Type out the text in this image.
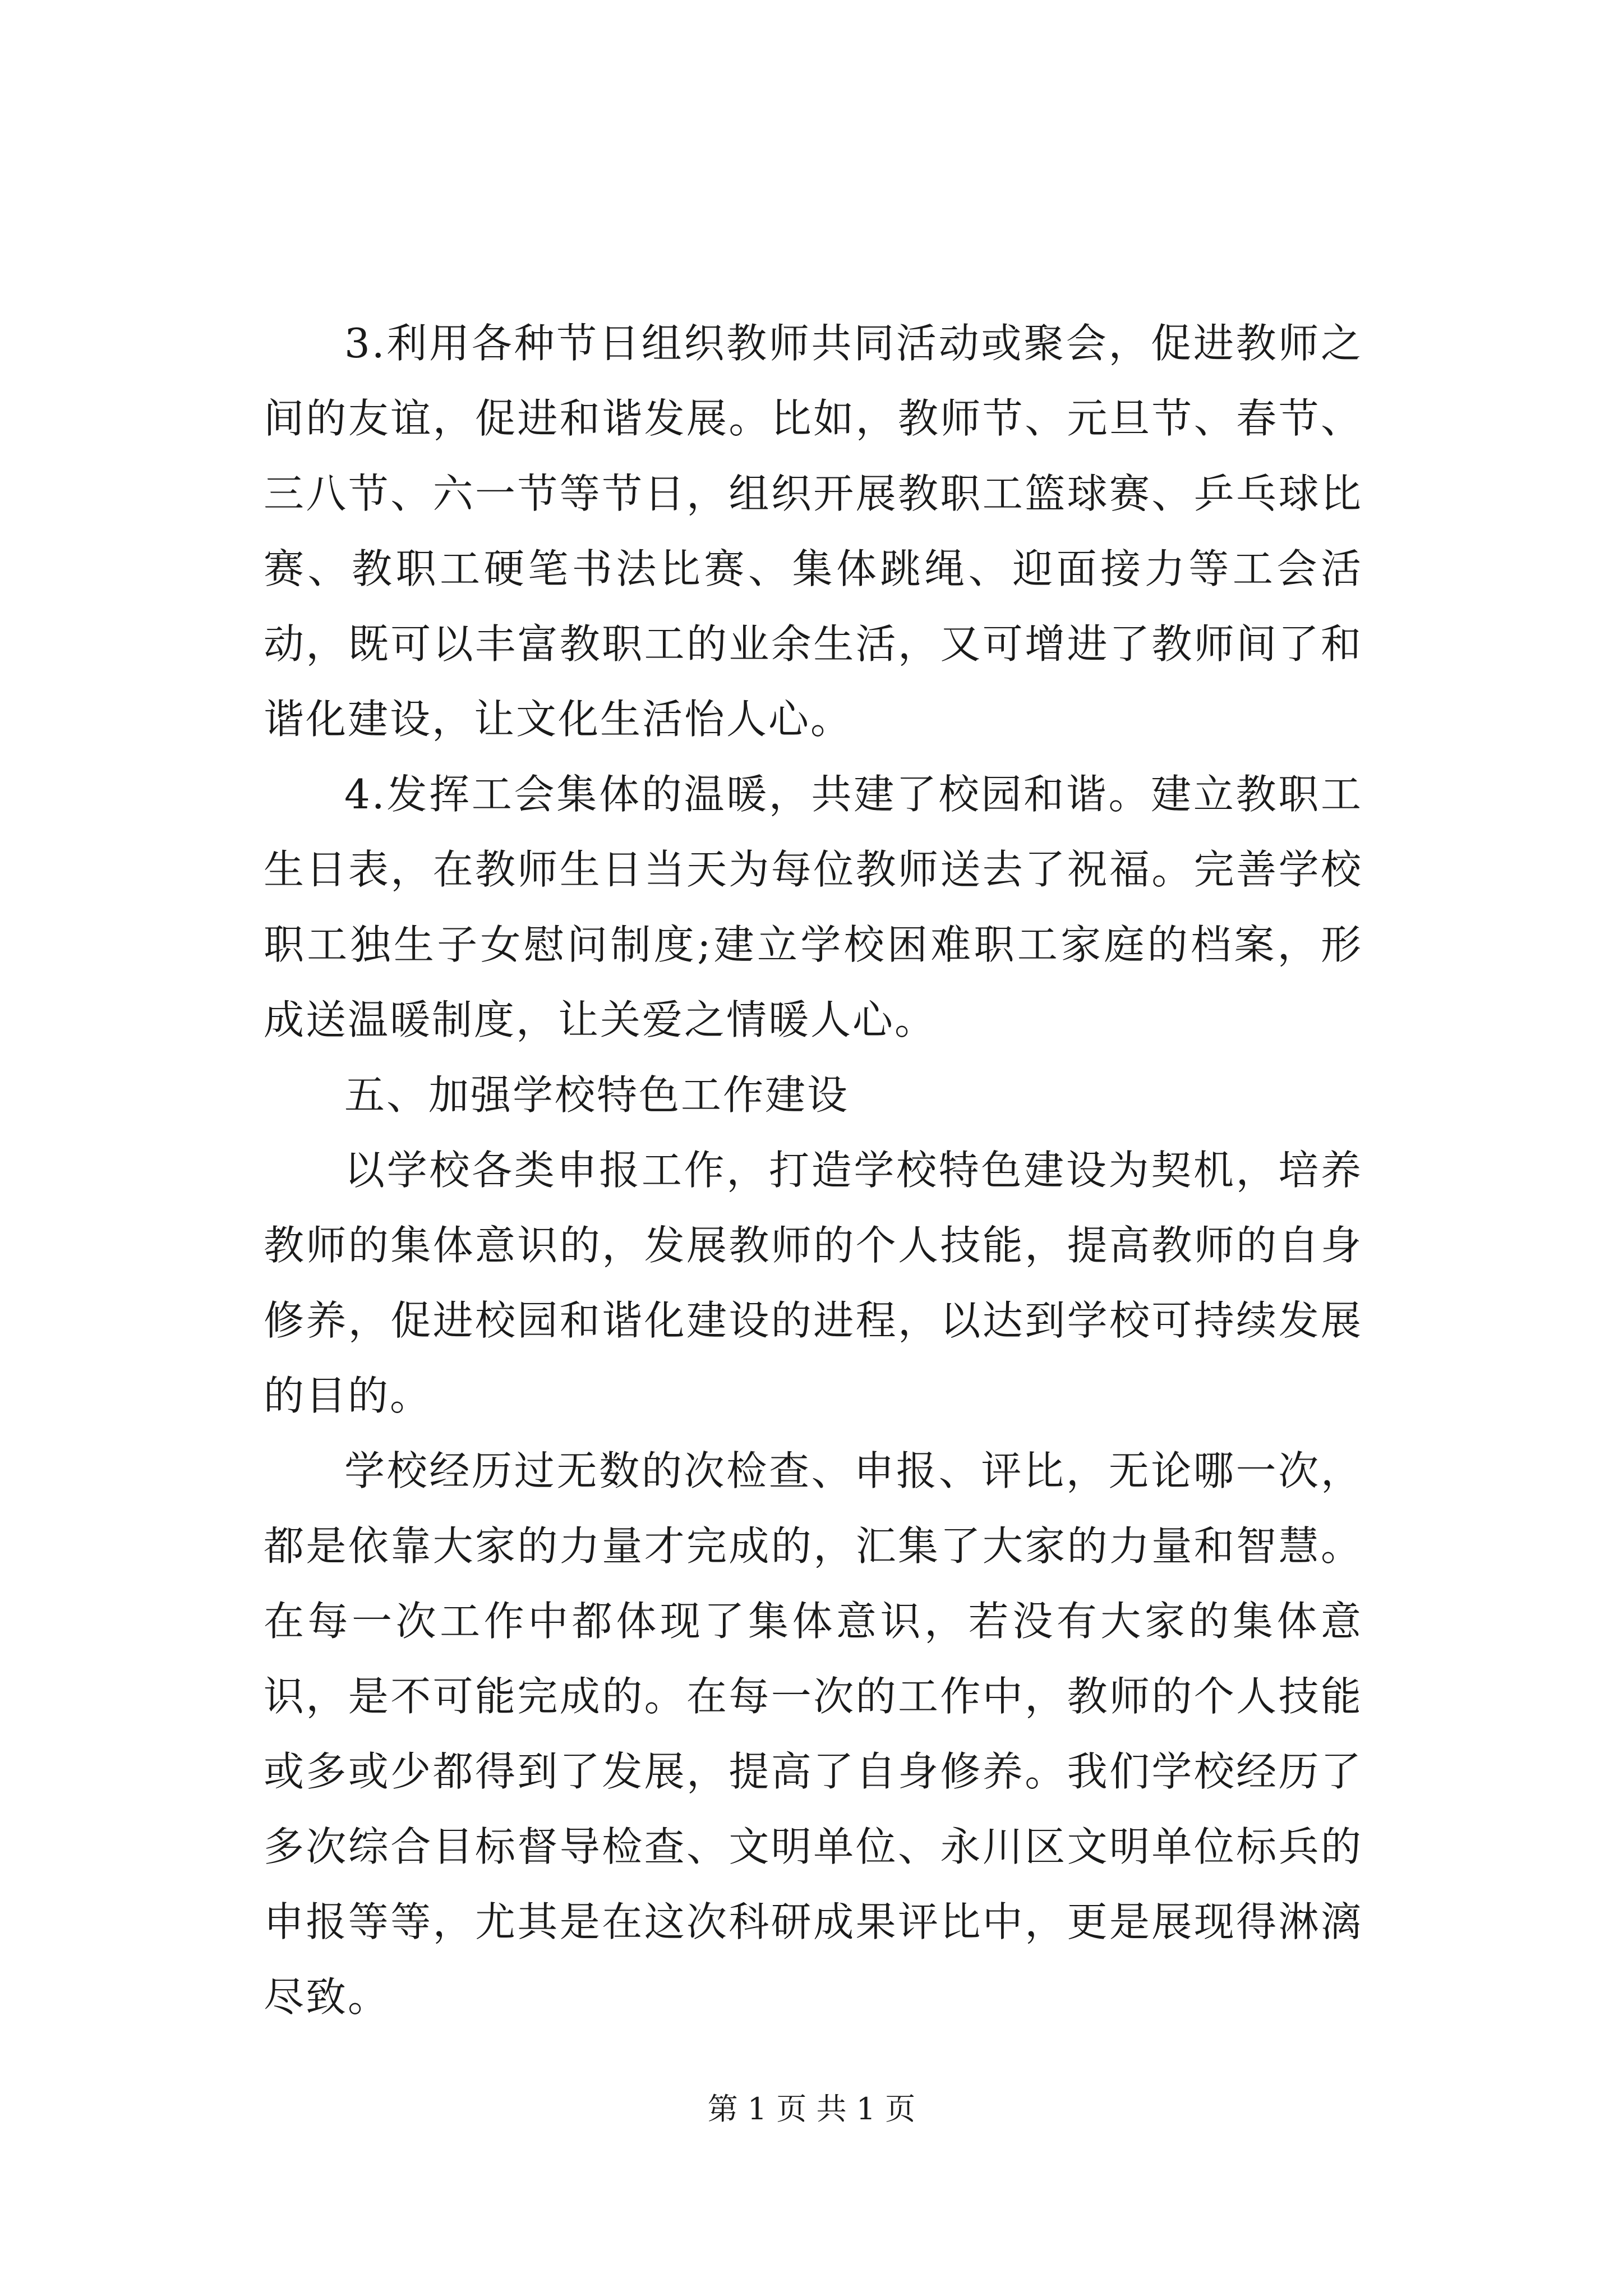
3.利用各种节日组织教师共同活动或聚会，促进教师之间的友谊，促进和谐发展。比如，教师节、元旦节、春节、三八节、六一节等节日，组织开展教职工篮球赛、乒乓球比赛、教职工硬笔书法比赛、集体跳绳、迎面接力等工会活动，既可以丰富教职工的业余生活，又可增进了教师间了和谐化建设，让文化生活怡人心。

4.发挥工会集体的温暖，共建了校园和谐。建立教职工生日表，在教师生日当天为每位教师送去了祝福。完善学校职工独生子女慰问制度;建立学校困难职工家庭的档案，形成送温暖制度，让关爱之情暖人心。

五、加强学校特色工作建设

以学校各类申报工作，打造学校特色建设为契机，培养教师的集体意识的，发展教师的个人技能，提高教师的自身修养，促进校园和谐化建设的进程，以达到学校可持续发展的目的。

学校经历过无数的次检查、申报、评比，无论哪一次，都是依靠大家的力量才完成的，汇集了大家的力量和智慧。在每一次工作中都体现了集体意识，若没有大家的集体意识，是不可能完成的。在每一次的工作中，教师的个人技能或多或少都得到了发展，提高了自身修养。我们学校经历了多次综合目标督导检查、文明单位、永川区文明单位标兵的申报等等，尤其是在这次科研成果评比中，更是展现得淋漓尽致。

第 1 页 共 1 页
